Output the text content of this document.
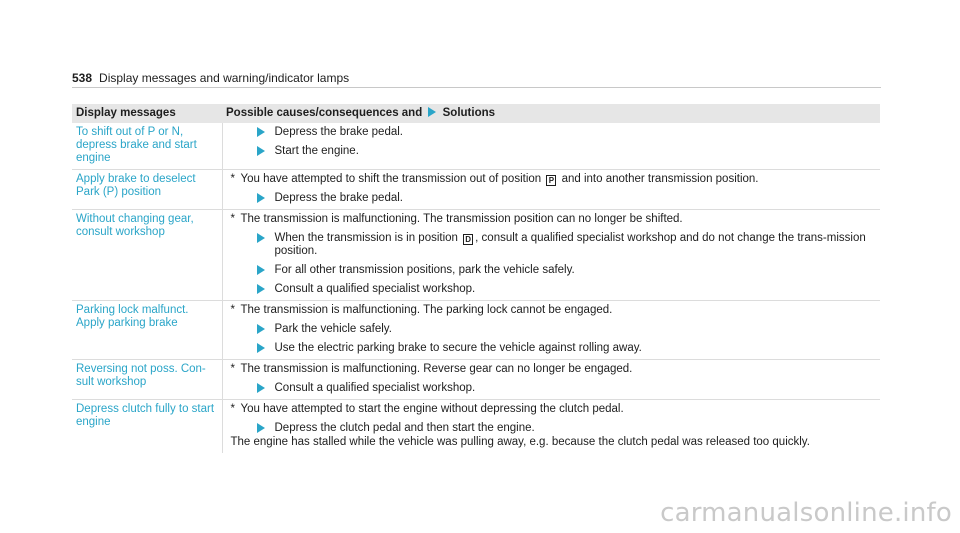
538 Display messages and warning/indicator lamps
Display messages	Possible causes/consequences and Solutions
To shift out of P or N, depress brake and start engine	Depress the brake pedal.
Start the engine.

Apply brake to deselect Park (P) position	* You have attempted to shift the transmission out of position P and into another transmission position.
Depress the brake pedal.

Without changing gear, consult workshop	* The transmission is malfunctioning. The transmission position can no longer be shifted.
When the transmission is in position D , consult a qualified specialist workshop and do not change the trans-mission position.
For all other transmission positions, park the vehicle safely.
Consult a qualified specialist workshop.

Parking lock malfunct. Apply parking brake	* The transmission is malfunctioning. The parking lock cannot be engaged.
Park the vehicle safely.
Use the electric parking brake to secure the vehicle against rolling away.

Reversing not poss. Con-sult workshop	* The transmission is malfunctioning. Reverse gear can no longer be engaged.
Consult a qualified specialist workshop.

Depress clutch fully to start engine	* You have attempted to start the engine without depressing the clutch pedal.
Depress the clutch pedal and then start the engine.
The engine has stalled while the vehicle was pulling away, e.g. because the clutch pedal was released too quickly.
carmanualsonline.info
